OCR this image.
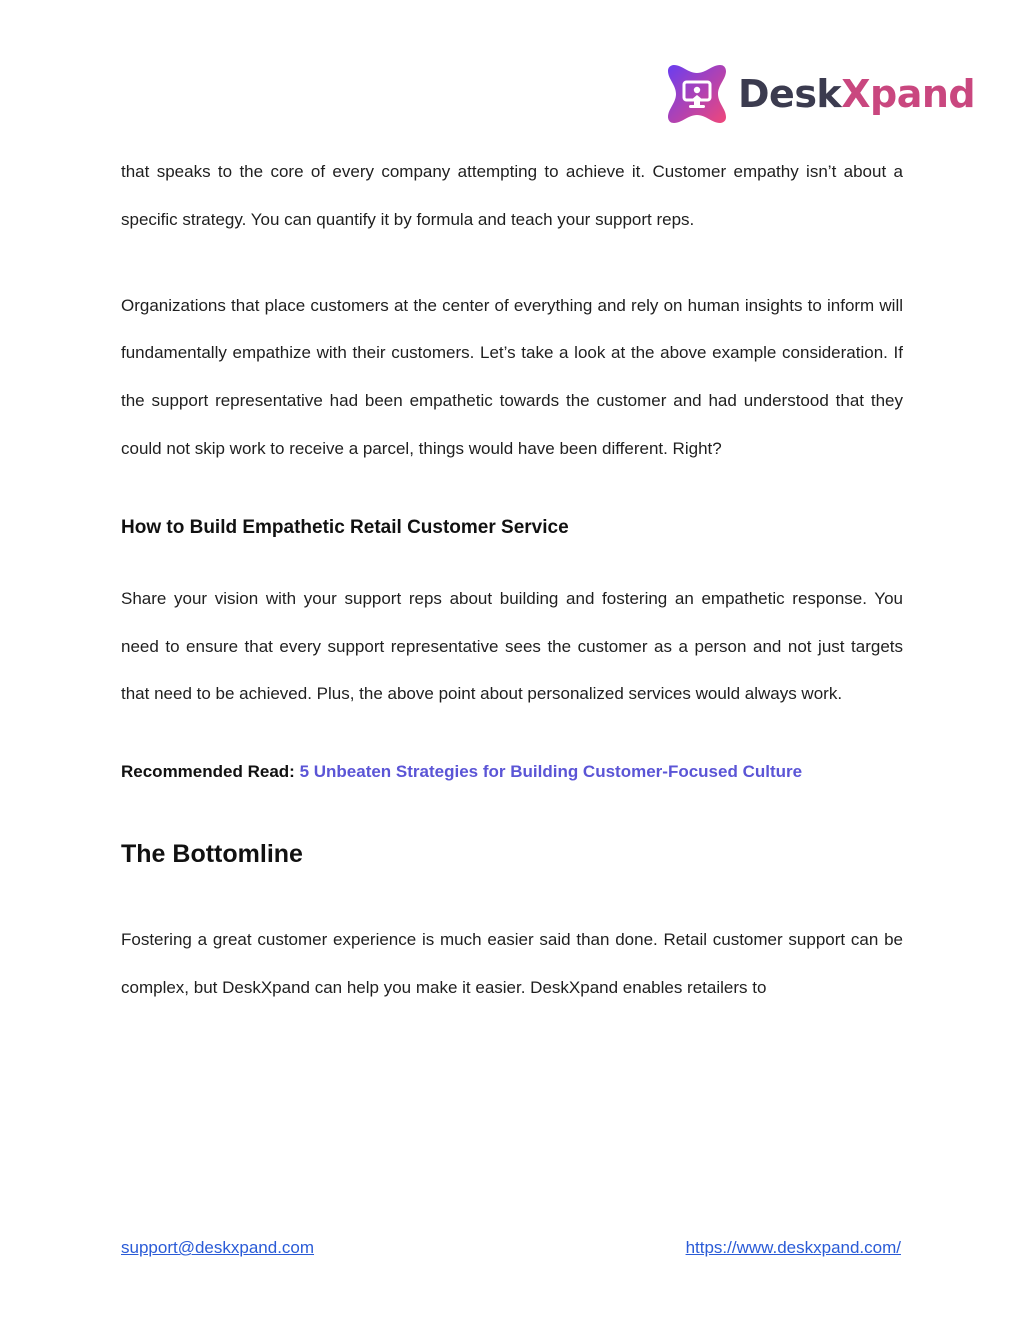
DeskXpand

that speaks to the core of every company attempting to achieve it. Customer empathy isn’t about a specific strategy. You can quantify it by formula and teach your support reps.

Organizations that place customers at the center of everything and rely on human insights to inform will fundamentally empathize with their customers. Let’s take a look at the above example consideration. If the support representative had been empathetic towards the customer and had understood that they could not skip work to receive a parcel, things would have been different. Right?

How to Build Empathetic Retail Customer Service

Share your vision with your support reps about building and fostering an empathetic response. You need to ensure that every support representative sees the customer as a person and not just targets that need to be achieved. Plus, the above point about personalized services would always work.

Recommended Read: 5 Unbeaten Strategies for Building Customer-Focused Culture

The Bottomline

Fostering a great customer experience is much easier said than done. Retail customer support can be complex, but DeskXpand can help you make it easier. DeskXpand enables retailers to

support@deskxpand.com	https://www.deskxpand.com/
